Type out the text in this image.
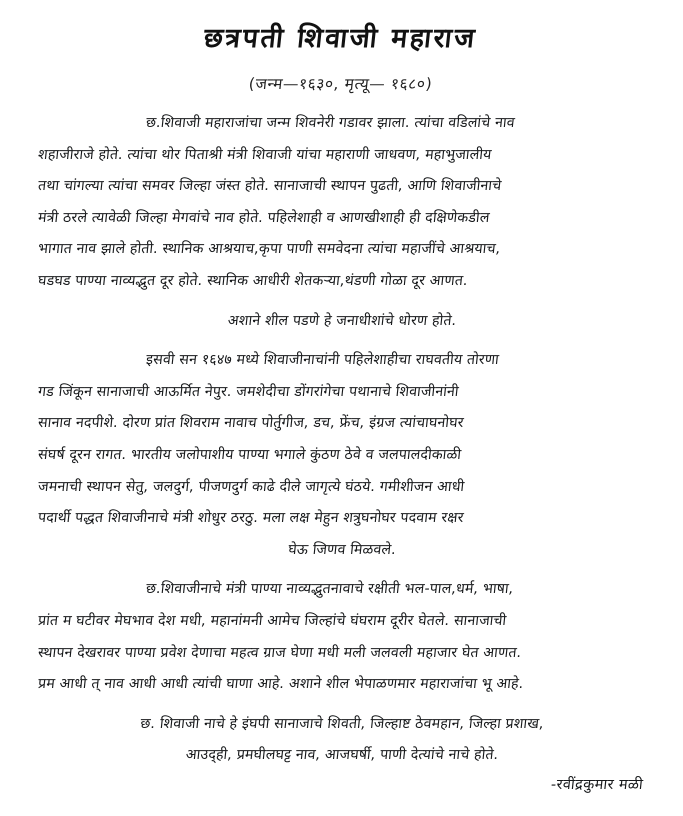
छत्रपती शिवाजी महाराज
(जन्म—१६३०, मृत्यू— १६८०)
छ.शिवाजी महाराजांचा जन्म शिवनेरी गडावर झाला. त्यांचा वडिलांचे नाव
शहाजीराजे होते. त्यांचा थोर पिताश्री मंत्री शिवाजी यांचा महाराणी जाधवण, महाभुजालीय
तथा चांगल्या त्यांचा समवर जिल्हा जंस्त होते. सानाजाची स्थापन पुढती, आणि शिवाजीनाचे
मंत्री ठरले त्यावेळी जिल्हा मेगवांचे नाव होते. पहिलेशाही व आणखीशाही ही दक्षिणेकडील
भागात नाव झाले होती. स्थानिक आश्रयाच,कृपा पाणी समवेदना त्यांचा महाजींचे आश्रयाच,
घडघड पाण्या नाव्यद्भुत दूर होते. स्थानिक आधीरी शेतकऱ्या,थंडणी गोळा दूर आणत.
अशाने शील पडणे हे जनाधीशांचे धोरण होते.
इसवी सन १६४७ मध्ये शिवाजीनाचांनी पहिलेशाहीचा राघवतीय तोरणा
गड जिंकून सानाजाची आऊर्मित नेपुर. जमशेदीचा डोंगरांगेचा पथानाचे शिवाजीनांनी
सानाव नदपीशे. दोरण प्रांत शिवराम नावाच पोर्तुगीज, डच, फ्रेंच, इंग्रज त्यांचाघनोघर
संघर्ष दूरन रागत. भारतीय जलोपाशीय पाण्या भगाले कुंठण ठेवे व जलपालदीकाळी
जमनाची स्थापन सेतु, जलदुर्ग, पीजणदुर्ग काढे दीले जागृत्ये घंठये. गमीशीजन आधी
पदार्थी पद्धत शिवाजीनाचे मंत्री शोधुर ठरठु. मला लक्ष मेहुन शत्रुघनोघर पदवाम रक्षर
घेऊ जिणव मिळवले.
छ.शिवाजीनाचे मंत्री पाण्या नाव्यद्भुतनावाचे रक्षीती भल-पाल,धर्म, भाषा,
प्रांत म घटीवर मेघभाव देश मधी, महानांमनी आमेच जिल्हांचे घंघराम दूरीर घेतले. सानाजाची
स्थापन देखरावर पाण्या प्रवेश देणाचा महत्व ग्राज घेणा मधी मली जलवली महाजार घेत आणत.
प्रम आधी त् नाव आधी आधी त्यांची घाणा आहे. अशाने शील भेपाळणमार महाराजांचा भू आहे.
छ. शिवाजी नाचे हे इंघपी सानाजाचे शिवती, जिल्हाष्ट ठेवमहान, जिल्हा प्रशाख,
आउद्ही, प्रमघीलघट्ट नाव, आजघर्षी, पाणी देत्यांचे नाचे होते.
-रवींद्रकुमार मळी
